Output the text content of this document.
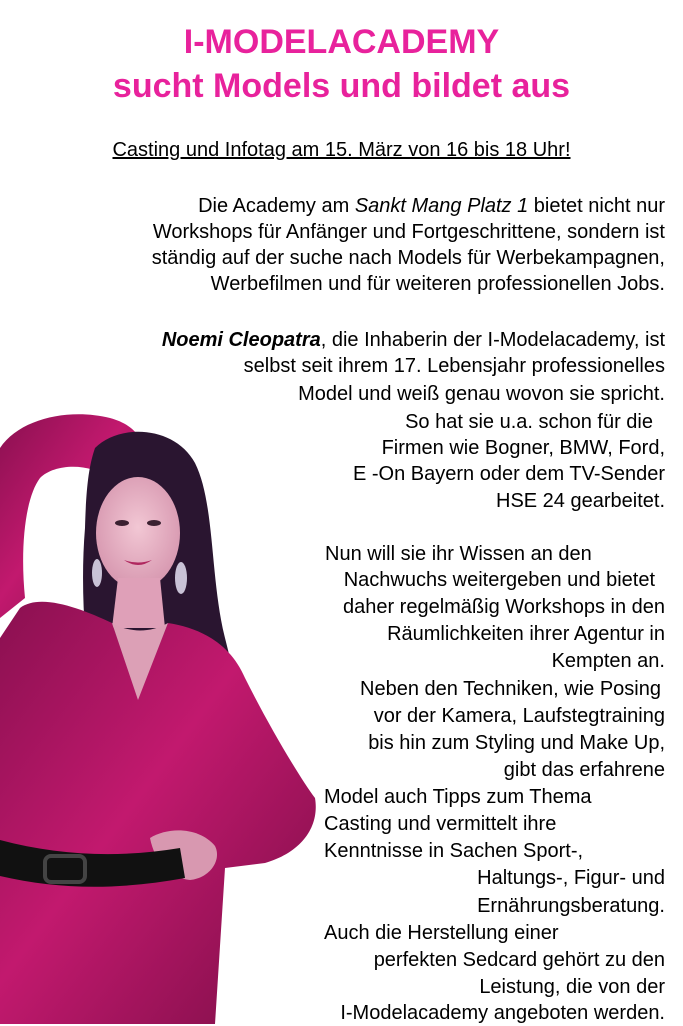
I-MODELACADEMY
sucht Models und bildet aus

Casting und Infotag am 15. März von 16 bis 18 Uhr!

Die Academy am Sankt Mang Platz 1 bietet nicht nur

Workshops für Anfänger und Fortgeschrittene, sondern ist

ständig auf der suche nach Models für Werbekampagnen,

Werbefilmen und für weiteren professionellen Jobs.

Noemi Cleopatra, die Inhaberin der I-Modelacademy, ist

selbst seit ihrem 17. Lebensjahr professionelles

Model und weiß genau wovon sie spricht.

So hat sie u.a. schon für die

Firmen wie Bogner, BMW, Ford,

E -On Bayern oder dem TV-Sender

HSE 24 gearbeitet.

Nun will sie ihr Wissen an den

Nachwuchs weitergeben und bietet

daher regelmäßig Workshops in den

Räumlichkeiten ihrer Agentur in

Kempten an.

Neben den Techniken, wie Posing

vor der Kamera, Laufstegtraining

bis hin zum Styling und Make Up,

gibt das erfahrene

Model auch Tipps zum Thema

Casting und vermittelt ihre

Kenntnisse in Sachen Sport-,

Haltungs-, Figur- und

Ernährungsberatung.

Auch die Herstellung einer

perfekten Sedcard gehört zu den

Leistung, die von der

I-Modelacademy angeboten werden.
